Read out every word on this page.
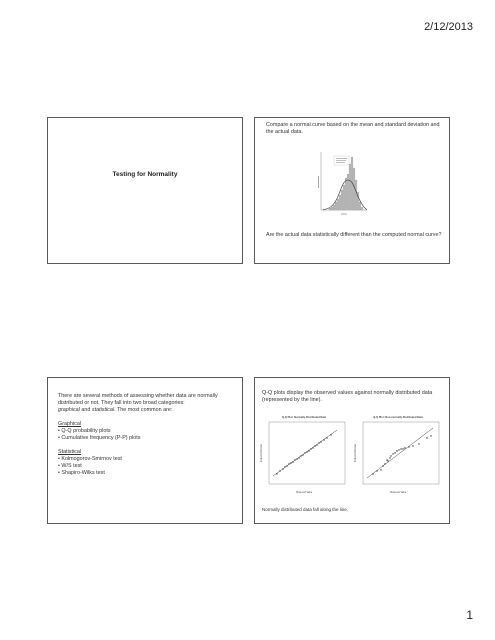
2/12/2013
Testing for Normality
Compare a normal curve based on the mean and standard deviation and the actual data.
Are the actual data statistically different than the computed normal curve?
There are several methods of assessing whether data are normally distributed or not. They fall into two broad categories:
graphical and statistical. The most common are:

Graphical
• Q-Q probability plots
• Cumulative frequency (P-P) plots

Statistical
• Kolmogorov-Smirnov test
• W/S test
• Shapiro-Wilks test
Q-Q plots display the observed values against normally distributed data (represented by the line).
Q-Q Plot: Normally Distributed Data
Expected Normal
Observed Value
Q-Q Plot: Non-normally Distributed Data
Expected Normal
Observed Value
Normally distributed data fall along the line.
1
